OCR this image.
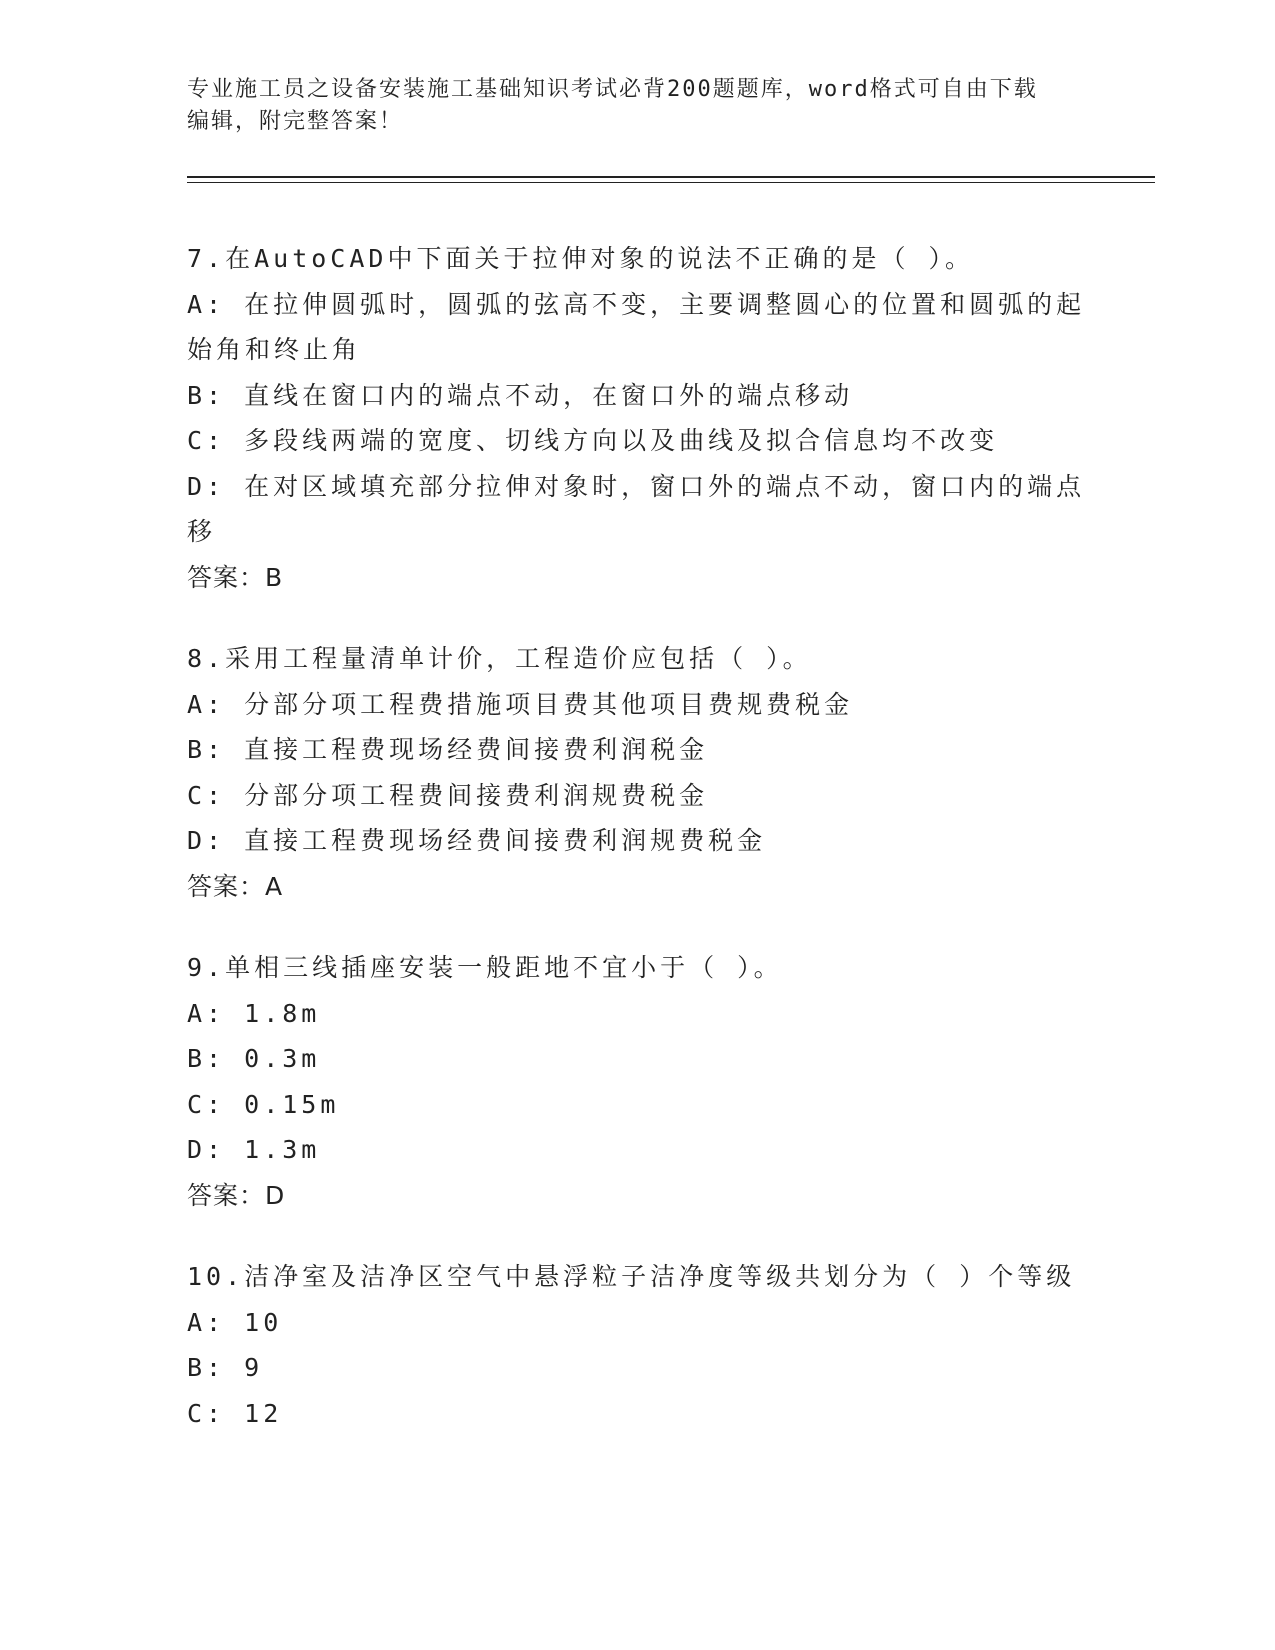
专业施工员之设备安装施工基础知识考试必背200题题库，word格式可自由下载
编辑，附完整答案！

7.在AutoCAD中下面关于拉伸对象的说法不正确的是（ ）。

A: 在拉伸圆弧时，圆弧的弦高不变，主要调整圆心的位置和圆弧的起

始角和终止角

B: 直线在窗口内的端点不动，在窗口外的端点移动

C: 多段线两端的宽度、切线方向以及曲线及拟合信息均不改变

D: 在对区域填充部分拉伸对象时，窗口外的端点不动，窗口内的端点

移

答案：B

8.采用工程量清单计价，工程造价应包括（ ）。

A: 分部分项工程费措施项目费其他项目费规费税金

B: 直接工程费现场经费间接费利润税金

C: 分部分项工程费间接费利润规费税金

D: 直接工程费现场经费间接费利润规费税金

答案：A

9.单相三线插座安装一般距地不宜小于（ ）。

A: 1.8m

B: 0.3m

C: 0.15m

D: 1.3m

答案：D

10.洁净室及洁净区空气中悬浮粒子洁净度等级共划分为（ ）个等级

A: 10

B: 9

C: 12
